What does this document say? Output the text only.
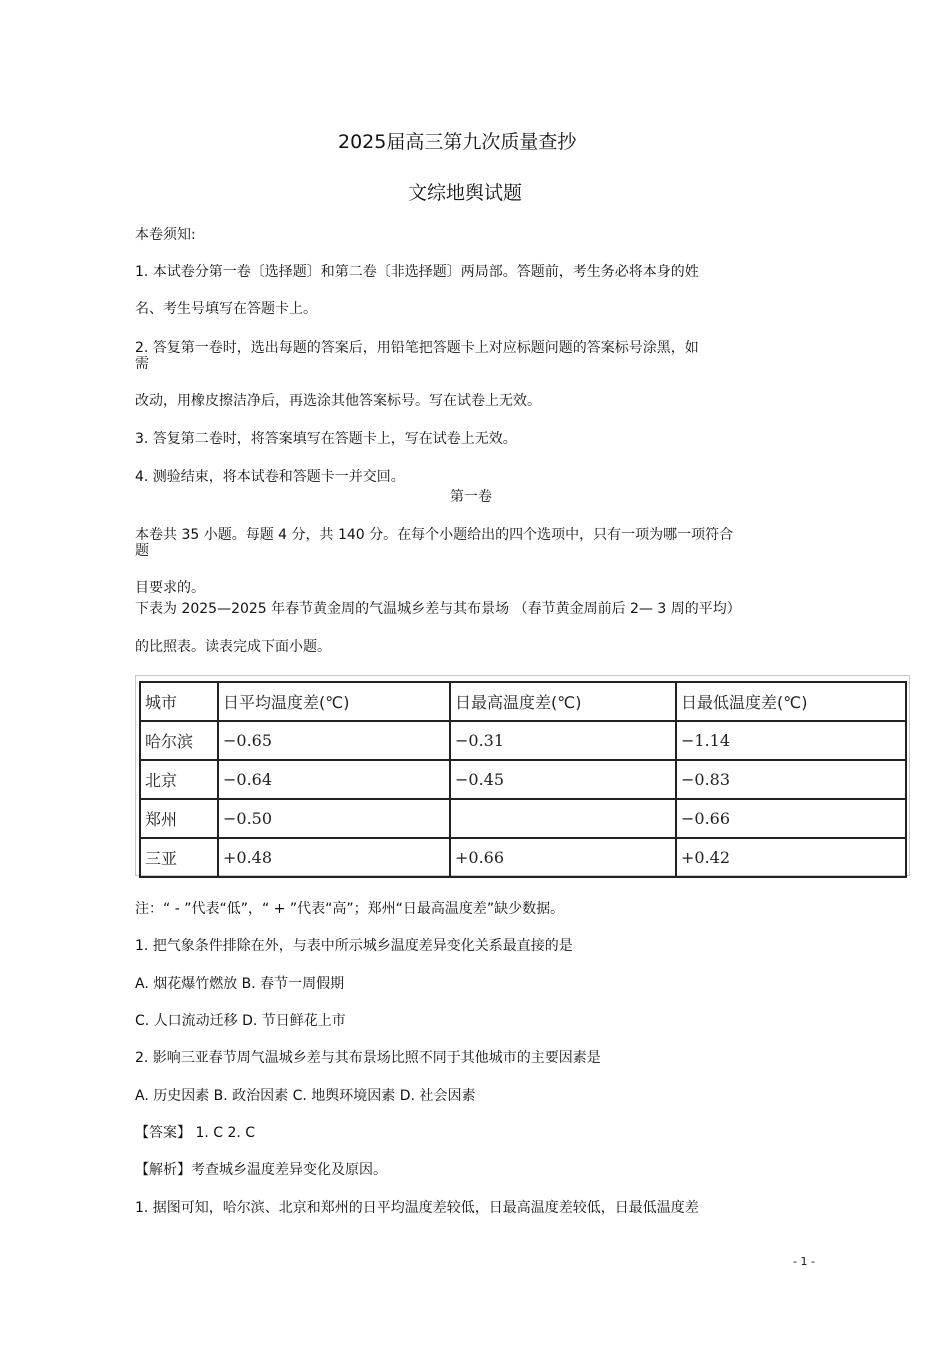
2025届高三第九次质量查抄
文综地舆试题
本卷须知:
1. 本试卷分第一卷〔选择题〕和第二卷〔非选择题〕两局部。答题前，考生务必将本身的姓
名、考生号填写在答题卡上。
2. 答复第一卷时，选出每题的答案后，用铅笔把答题卡上对应标题问题的答案标号涂黑，如
需
改动，用橡皮擦洁净后，再选涂其他答案标号。写在试卷上无效。
3. 答复第二卷时，将答案填写在答题卡上，写在试卷上无效。
4. 测验结束，将本试卷和答题卡一并交回。
第一卷
本卷共 35 小题。每题 4 分，共 140 分。在每个小题给出的四个选项中，只有一项为哪一项符合
题
目要求的。
下表为 2025—2025 年春节黄金周的气温城乡差与其布景场 （春节黄金周前后 2— 3 周的平均）
的比照表。读表完成下面小题。
城市	日平均温度差(℃)	日最高温度差(℃)	日最低温度差(℃)
哈尔滨	−0.65	−0.31	−1.14
北京	−0.64	−0.45	−0.83
郑州	−0.50		−0.66
三亚	+0.48	+0.66	+0.42
注：“ - ”代表“低”，“ + ”代表“高”；郑州“日最高温度差”缺少数据。
1. 把气象条件排除在外，与表中所示城乡温度差异变化关系最直接的是
A. 烟花爆竹燃放 B. 春节一周假期
C. 人口流动迁移 D. 节日鲜花上市
2. 影响三亚春节周气温城乡差与其布景场比照不同于其他城市的主要因素是
A. 历史因素 B. 政治因素 C. 地舆环境因素 D. 社会因素
【答案】 1. C 2. C
【解析】考查城乡温度差异变化及原因。
1. 据图可知，哈尔滨、北京和郑州的日平均温度差较低，日最高温度差较低，日最低温度差
- 1 -
